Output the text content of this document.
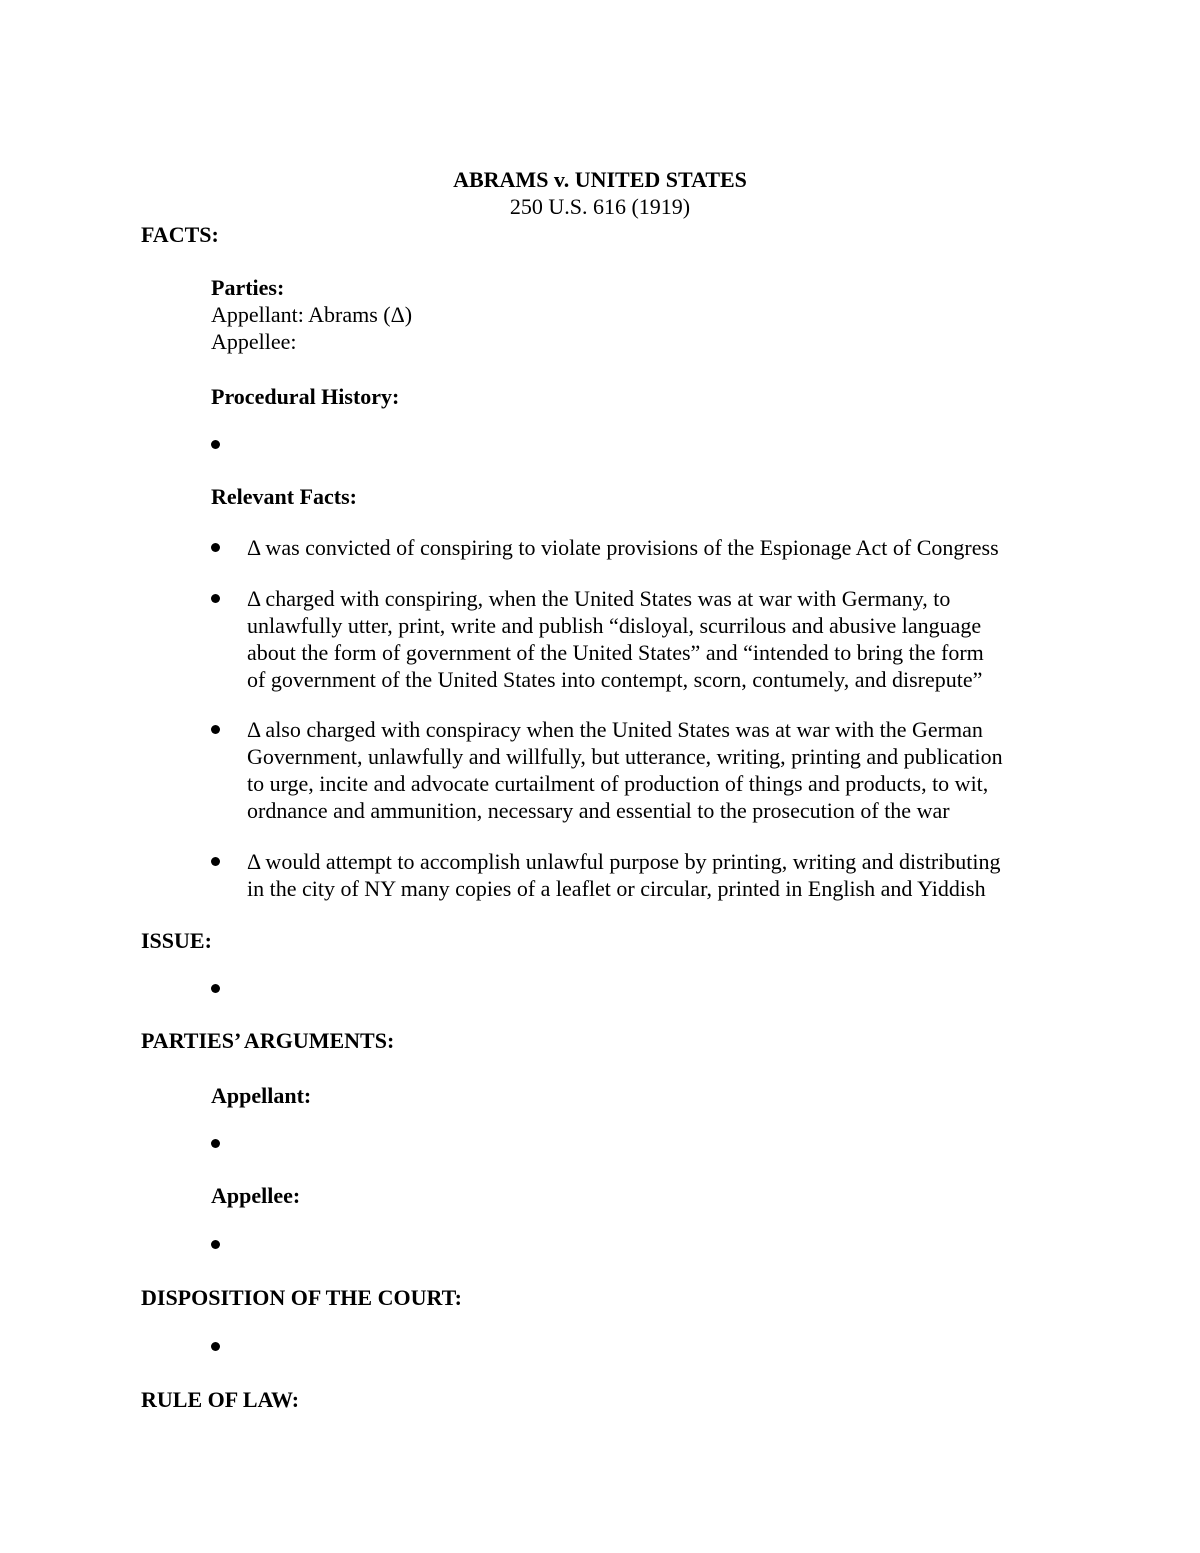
ABRAMS v. UNITED STATES
250 U.S. 616 (1919)
FACTS:
Parties:
Appellant: Abrams (Δ)
Appellee:
Procedural History:
Relevant Facts:
Δ was convicted of conspiring to violate provisions of the Espionage Act of Congress
Δ charged with conspiring, when the United States was at war with Germany, to
unlawfully utter, print, write and publish “disloyal, scurrilous and abusive language
about the form of government of the United States” and “intended to bring the form
of government of the United States into contempt, scorn, contumely, and disrepute”
Δ also charged with conspiracy when the United States was at war with the German
Government, unlawfully and willfully, but utterance, writing, printing and publication
to urge, incite and advocate curtailment of production of things and products, to wit,
ordnance and ammunition, necessary and essential to the prosecution of the war
Δ would attempt to accomplish unlawful purpose by printing, writing and distributing
in the city of NY many copies of a leaflet or circular, printed in English and Yiddish
ISSUE:
PARTIES’ ARGUMENTS:
Appellant:
Appellee:
DISPOSITION OF THE COURT:
RULE OF LAW:
